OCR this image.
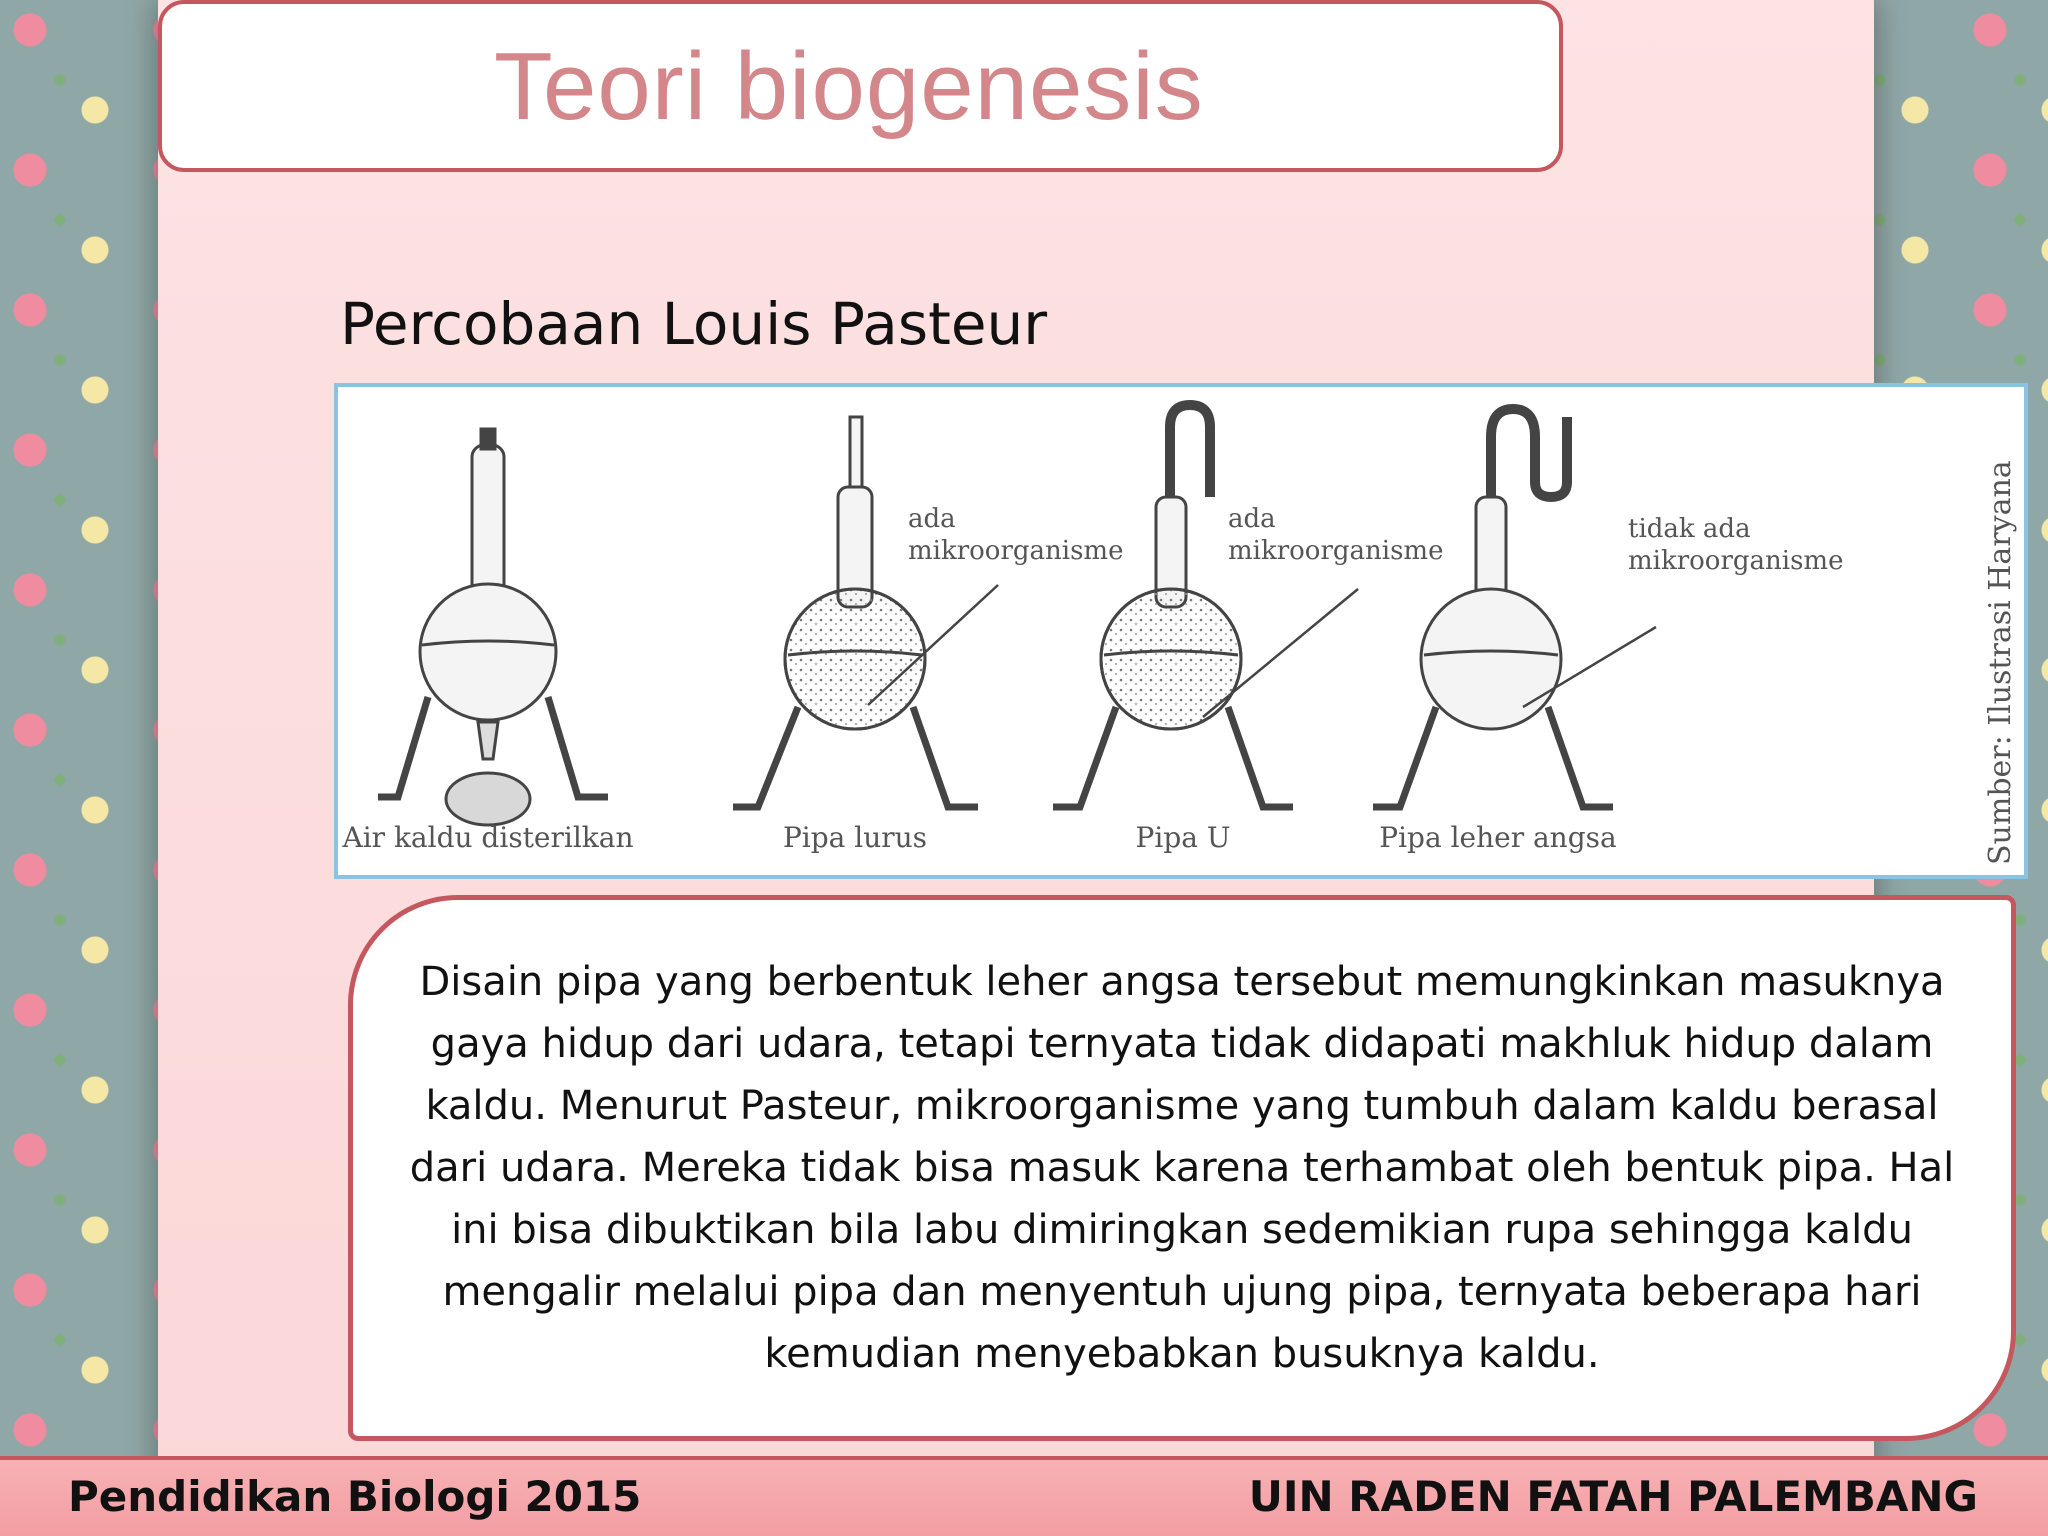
Teori biogenesis
Percobaan Louis Pasteur
ada
mikroorganisme
ada
mikroorganisme
tidak ada
mikroorganisme
Air kaldu disterilkan	Pipa lurus	Pipa U	Pipa leher angsa	Sumber: Ilustrasi Haryana

Disain pipa yang berbentuk leher angsa tersebut memungkinkan masuknya gaya hidup dari udara, tetapi ternyata tidak didapati makhluk hidup dalam kaldu. Menurut Pasteur, mikroorganisme yang tumbuh dalam kaldu berasal dari udara. Mereka tidak bisa masuk karena terhambat oleh bentuk pipa. Hal ini bisa dibuktikan bila labu dimiringkan sedemikian rupa sehingga kaldu mengalir melalui pipa dan menyentuh ujung pipa, ternyata beberapa hari kemudian menyebabkan busuknya kaldu.

Pendidikan Biologi 2015	UIN RADEN FATAH PALEMBANG
